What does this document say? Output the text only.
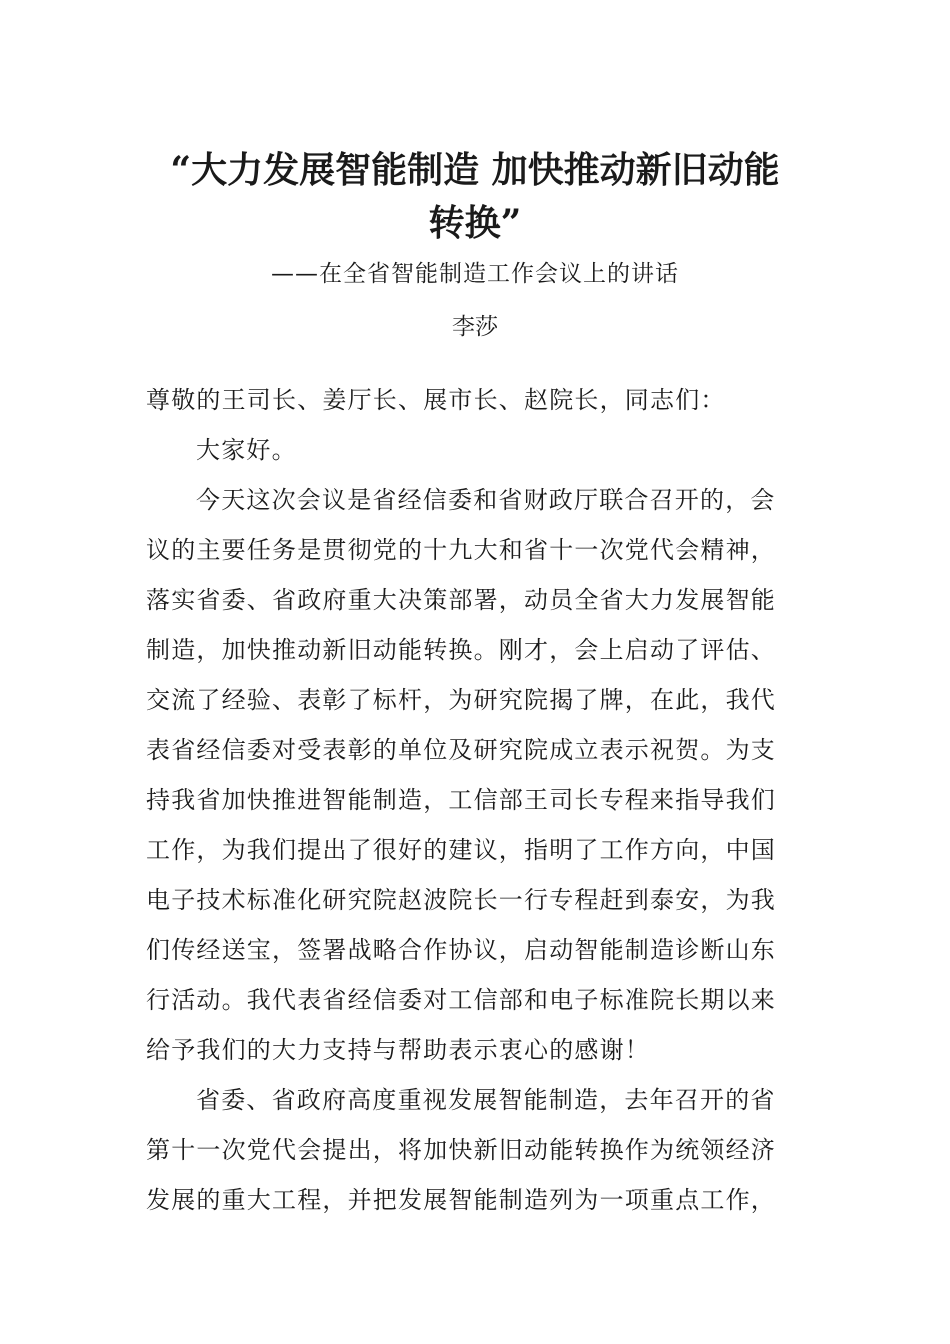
“大力发展智能制造 加快推动新旧动能
转换”
——在全省智能制造工作会议上的讲话
李莎
尊敬的王司长、姜厅长、展市长、赵院长，同志们：
大家好。
今天这次会议是省经信委和省财政厅联合召开的，会
议的主要任务是贯彻党的十九大和省十一次党代会精神，
落实省委、省政府重大决策部署，动员全省大力发展智能
制造，加快推动新旧动能转换。刚才，会上启动了评估、
交流了经验、表彰了标杆，为研究院揭了牌，在此，我代
表省经信委对受表彰的单位及研究院成立表示祝贺。为支
持我省加快推进智能制造，工信部王司长专程来指导我们
工作，为我们提出了很好的建议，指明了工作方向，中国
电子技术标准化研究院赵波院长一行专程赶到泰安，为我
们传经送宝，签署战略合作协议，启动智能制造诊断山东
行活动。我代表省经信委对工信部和电子标准院长期以来
给予我们的大力支持与帮助表示衷心的感谢！
省委、省政府高度重视发展智能制造，去年召开的省
第十一次党代会提出，将加快新旧动能转换作为统领经济
发展的重大工程，并把发展智能制造列为一项重点工作，
